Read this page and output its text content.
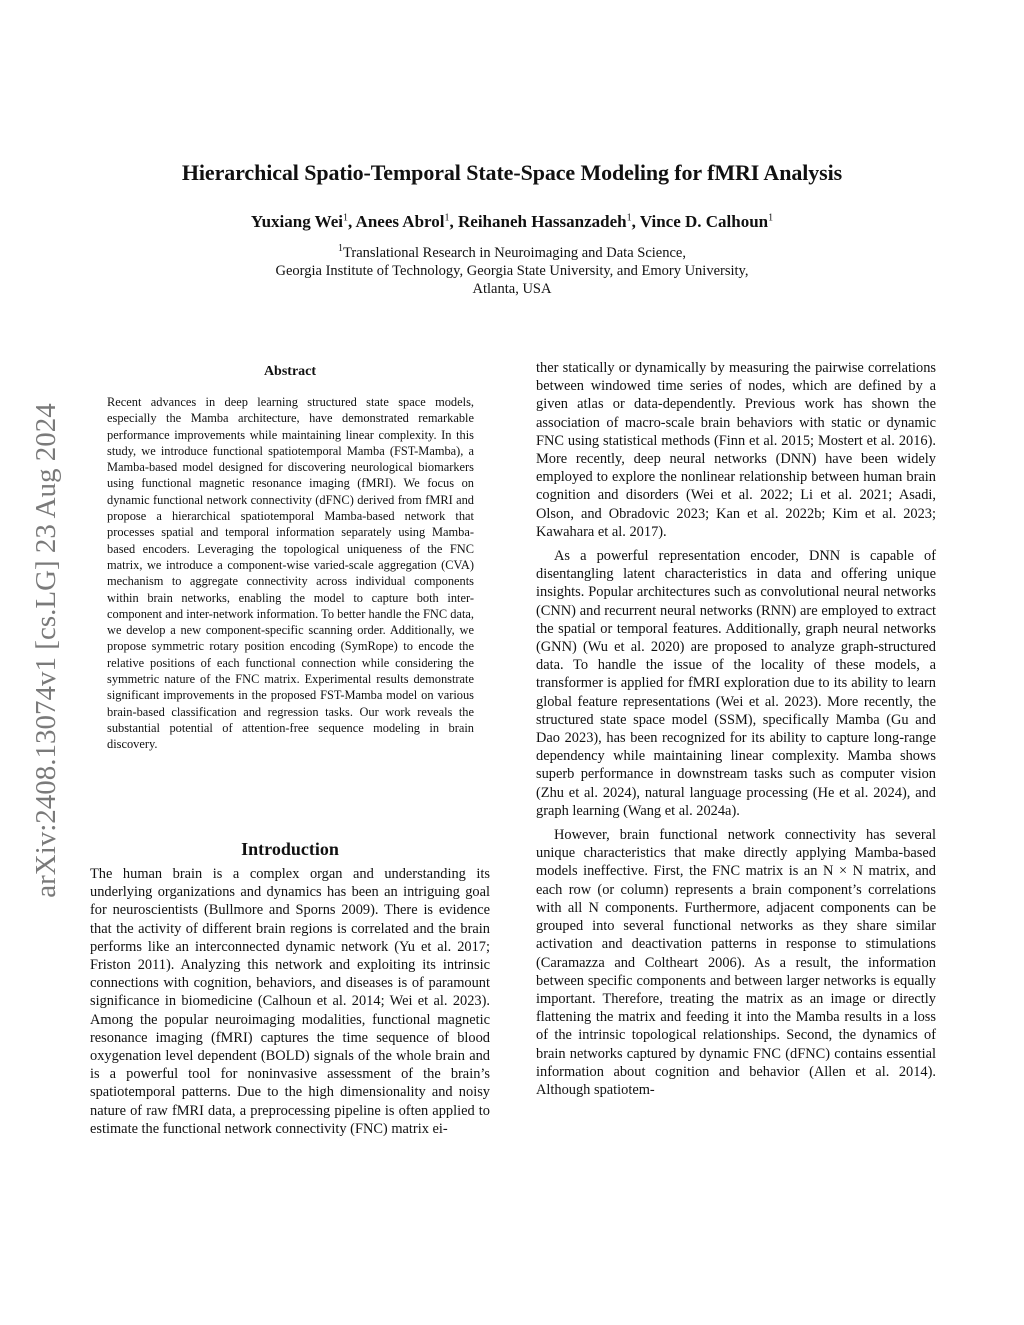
Hierarchical Spatio-Temporal State-Space Modeling for fMRI Analysis
Yuxiang Wei$^1$, Anees Abrol$^1$, Reihaneh Hassanzadeh$^1$, Vince D. Calhoun$^1$
$^1$Translational Research in Neuroimaging and Data Science,
Georgia Institute of Technology, Georgia State University, and Emory University,
Atlanta, USA
arXiv:2408.13074v1 [cs.LG] 23 Aug 2024
Abstract
Recent advances in deep learning structured state space models, especially the Mamba architecture, have demonstrated remarkable performance improvements while maintaining linear complexity. In this study, we introduce functional spatiotemporal Mamba (FST-Mamba), a Mamba-based model designed for discovering neurological biomarkers using functional magnetic resonance imaging (fMRI). We focus on dynamic functional network connectivity (dFNC) derived from fMRI and propose a hierarchical spatiotemporal Mamba-based network that processes spatial and temporal information separately using Mamba-based encoders. Leveraging the topological uniqueness of the FNC matrix, we introduce a component-wise varied-scale aggregation (CVA) mechanism to aggregate connectivity across individual components within brain networks, enabling the model to capture both inter-component and inter-network information. To better handle the FNC data, we develop a new component-specific scanning order. Additionally, we propose symmetric rotary position encoding (SymRope) to encode the relative positions of each functional connection while considering the symmetric nature of the FNC matrix. Experimental results demonstrate significant improvements in the proposed FST-Mamba model on various brain-based classification and regression tasks. Our work reveals the substantial potential of attention-free sequence modeling in brain discovery.
Introduction

The human brain is a complex organ and understanding its underlying organizations and dynamics has been an intriguing goal for neuroscientists (Bullmore and Sporns 2009). There is evidence that the activity of different brain regions is correlated and the brain performs like an interconnected dynamic network (Yu et al. 2017; Friston 2011). Analyzing this network and exploiting its intrinsic connections with cognition, behaviors, and diseases is of paramount significance in biomedicine (Calhoun et al. 2014; Wei et al. 2023). Among the popular neuroimaging modalities, functional magnetic resonance imaging (fMRI) captures the time sequence of blood oxygenation level dependent (BOLD) signals of the whole brain and is a powerful tool for noninvasive assessment of the brain’s spatiotemporal patterns. Due to the high dimensionality and noisy nature of raw fMRI data, a preprocessing pipeline is often applied to estimate the functional network connectivity (FNC) matrix ei-

ther statically or dynamically by measuring the pairwise correlations between windowed time series of nodes, which are defined by a given atlas or data-dependently. Previous work has shown the association of macro-scale brain behaviors with static or dynamic FNC using statistical methods (Finn et al. 2015; Mostert et al. 2016). More recently, deep neural networks (DNN) have been widely employed to explore the nonlinear relationship between human brain cognition and disorders (Wei et al. 2022; Li et al. 2021; Asadi, Olson, and Obradovic 2023; Kan et al. 2022b; Kim et al. 2023; Kawahara et al. 2017).

As a powerful representation encoder, DNN is capable of disentangling latent characteristics in data and offering unique insights. Popular architectures such as convolutional neural networks (CNN) and recurrent neural networks (RNN) are employed to extract the spatial or temporal features. Additionally, graph neural networks (GNN) (Wu et al. 2020) are proposed to analyze graph-structured data. To handle the issue of the locality of these models, a transformer is applied for fMRI exploration due to its ability to learn global feature representations (Wei et al. 2023). More recently, the structured state space model (SSM), specifically Mamba (Gu and Dao 2023), has been recognized for its ability to capture long-range dependency while maintaining linear complexity. Mamba shows superb performance in downstream tasks such as computer vision (Zhu et al. 2024), natural language processing (He et al. 2024), and graph learning (Wang et al. 2024a).

However, brain functional network connectivity has several unique characteristics that make directly applying Mamba-based models ineffective. First, the FNC matrix is an N × N matrix, and each row (or column) represents a brain component’s correlations with all N components. Furthermore, adjacent components can be grouped into several functional networks as they share similar activation and deactivation patterns in response to stimulations (Caramazza and Coltheart 2006). As a result, the information between specific components and between larger networks is equally important. Therefore, treating the matrix as an image or directly flattening the matrix and feeding it into the Mamba results in a loss of the intrinsic topological relationships. Second, the dynamics of brain networks captured by dynamic FNC (dFNC) contains essential information about cognition and behavior (Allen et al. 2014). Although spatiotem-
